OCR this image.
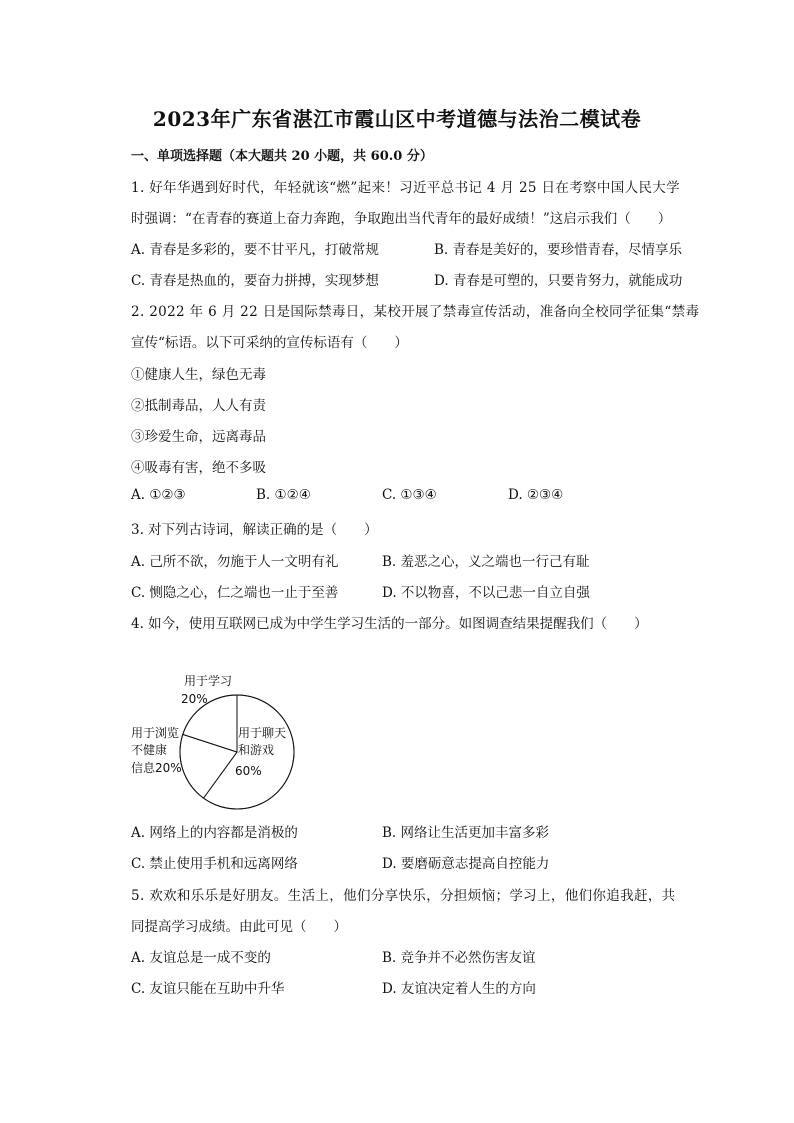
2023年广东省湛江市霞山区中考道德与法治二模试卷
一、单项选择题（本大题共 20 小题，共 60.0 分）
1. 好年华遇到好时代，年轻就该“燃”起来！习近平总书记 4 月 25 日在考察中国人民大学
时强调：“在青春的赛道上奋力奔跑，争取跑出当代青年的最好成绩！”这启示我们（　　）
A. 青春是多彩的，要不甘平凡，打破常规	B. 青春是美好的，要珍惜青春，尽情享乐
C. 青春是热血的，要奋力拼搏，实现梦想	D. 青春是可塑的，只要肯努力，就能成功
2. 2022 年 6 月 22 日是国际禁毒日，某校开展了禁毒宣传活动，准备向全校同学征集“禁毒
宣传“标语。以下可采纳的宣传标语有（　　）
①健康人生，绿色无毒
②抵制毒品，人人有责
③珍爱生命，远离毒品
④吸毒有害，绝不多吸
A. ①②③	B. ①②④	C. ①③④	D. ②③④
3. 对下列古诗词，解读正确的是（　　）
A. 己所不欲，勿施于人一文明有礼	B. 羞恶之心，义之端也一行己有耻
C. 恻隐之心，仁之端也一止于至善	D. 不以物喜，不以己悲一自立自强
4. 如今，使用互联网已成为中学生学习生活的一部分。如图调查结果提醒我们（　　）
用于学习
20%
用于聊天
和游戏
60%
用于浏览
不健康
信息20%
A. 网络上的内容都是消极的	B. 网络让生活更加丰富多彩
C. 禁止使用手机和远离网络	D. 要磨砺意志提高自控能力
5. 欢欢和乐乐是好朋友。生活上，他们分享快乐，分担烦恼；学习上，他们你追我赶，共
同提高学习成绩。由此可见（　　）
A. 友谊总是一成不变的	B. 竞争并不必然伤害友谊
C. 友谊只能在互助中升华	D. 友谊决定着人生的方向
